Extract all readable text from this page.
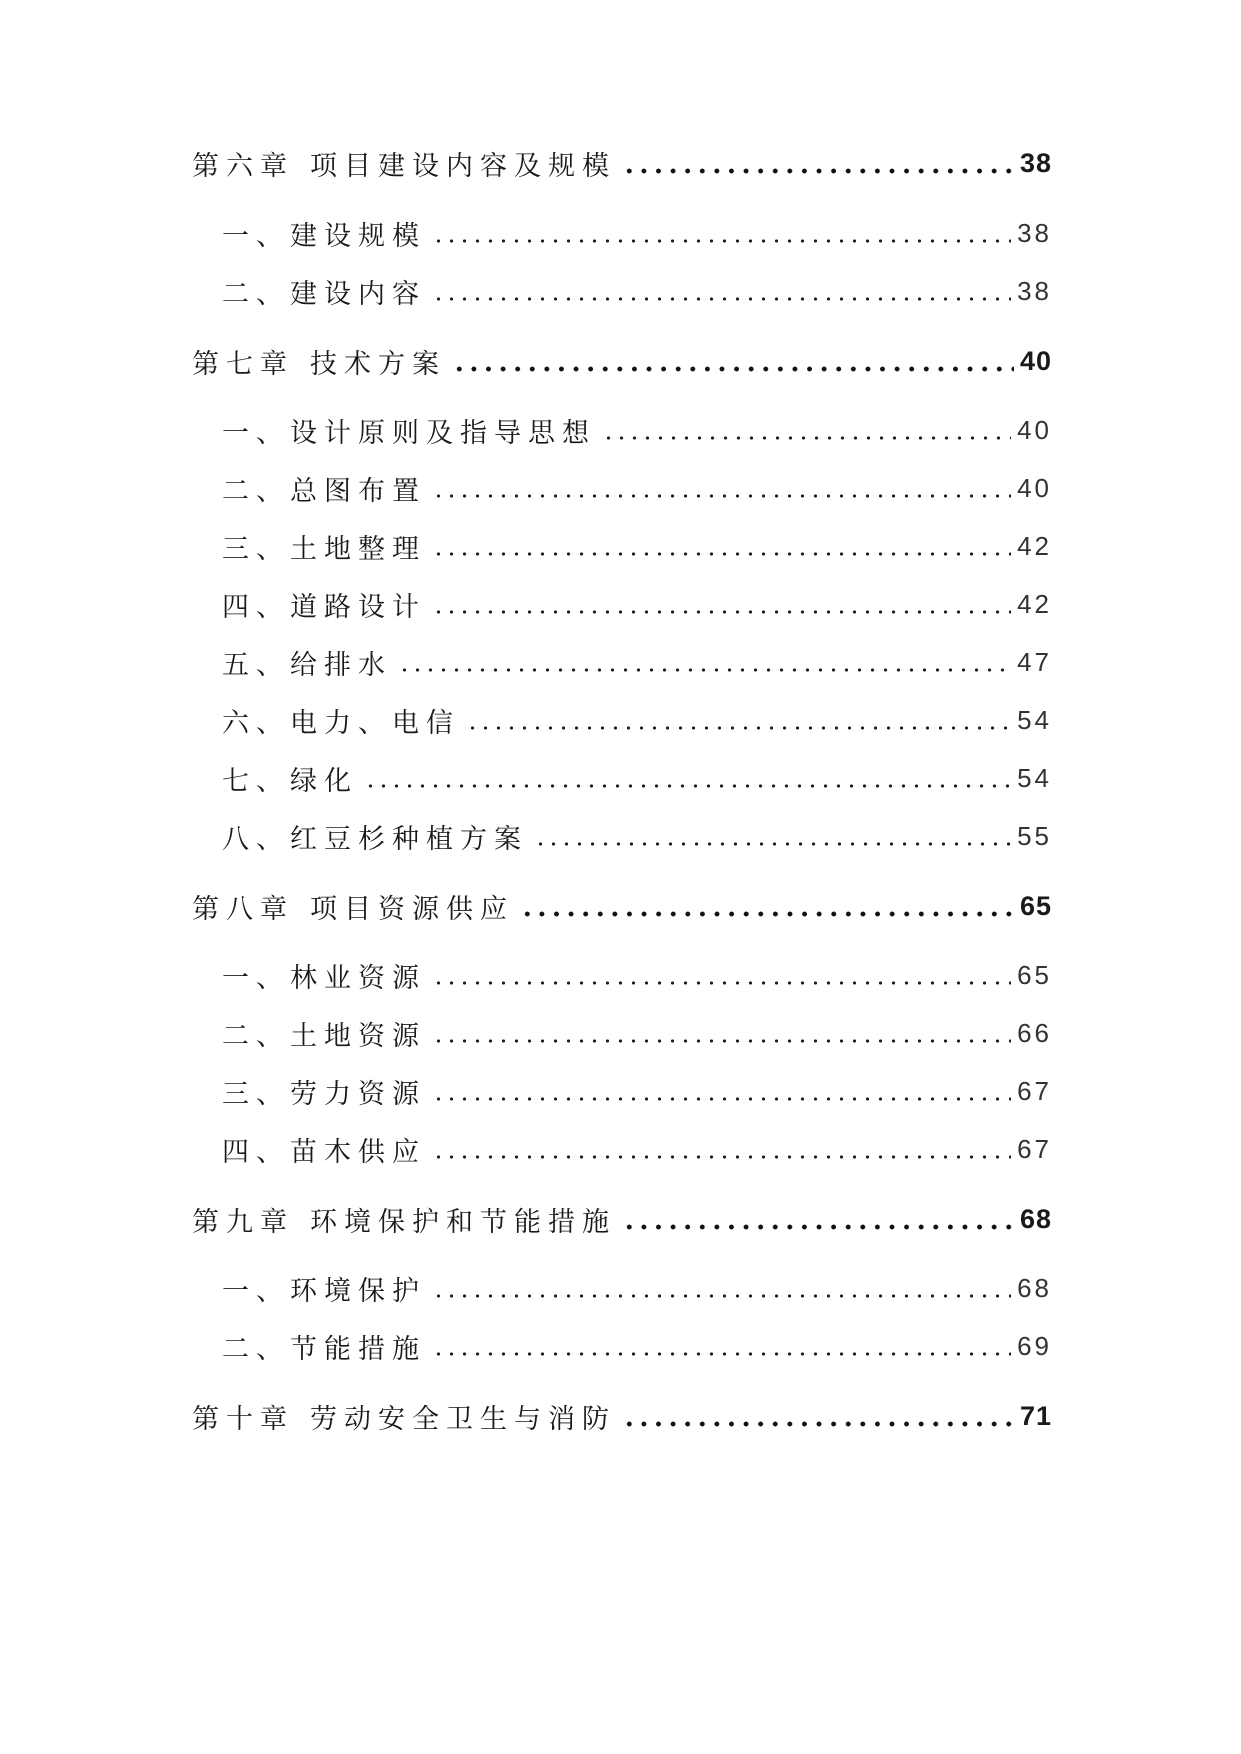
第六章 项目建设内容及规模	38
一、 建设规模	38
二、 建设内容	38
第七章 技术方案	40
一、 设计原则及指导思想	40
二、 总图布置	40
三、 土地整理	42
四、 道路设计	42
五、 给排水	47
六、 电力、电信	54
七、 绿化	54
八、 红豆杉种植方案	55
第八章 项目资源供应	65
一、 林业资源	65
二、 土地资源	66
三、 劳力资源	67
四、 苗木供应	67
第九章 环境保护和节能措施	68
一、 环境保护	68
二、 节能措施	69
第十章 劳动安全卫生与消防	71
